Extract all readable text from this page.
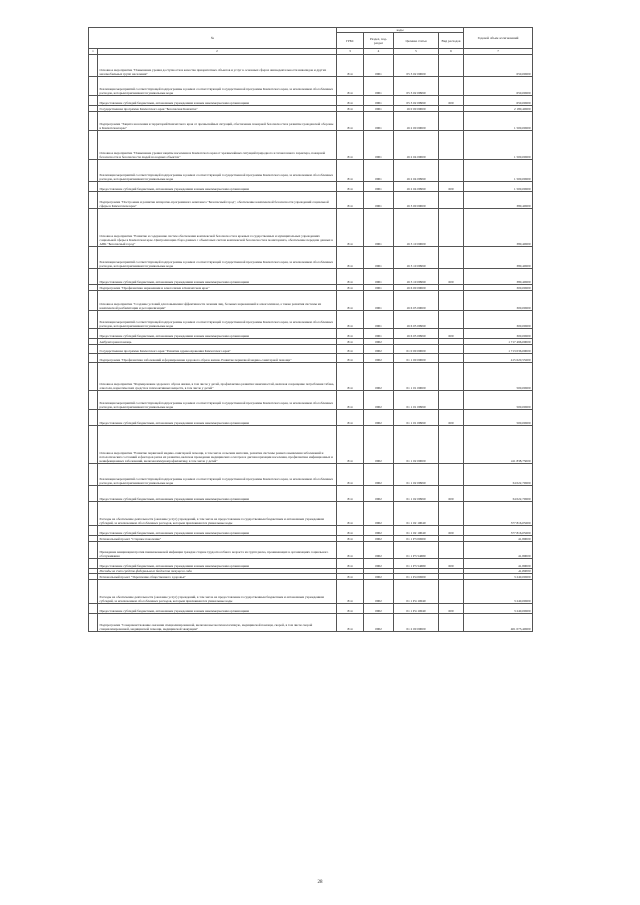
№		коды				Годовой объем ассигнований
		ГРБС	Раздел, под-раздел	Целевая статья	Вид расходов	
1	2	3	4	5	6	7
	Основное мероприятие "Повышение уровня доступности и качества приоритетных объектов и услуг в основных сферах жизнедеятельности инвалидов и других маломобильных групп населения"	814	0901	05 3 02 00000		650,00000
	Реализация мероприятий соответствующей подпрограммы в рамках соответствующей государственной программы Камчатского края, за исключением обособленных расходов, которым присваиваются уникальные коды	814	0901	05 3 02 09990		650,00000
	Предоставление субсидий бюджетным, автономным учреждениям и иным некоммерческим организациям	814	0901	05 3 02 09990	600	650,00000
	Государственная программа Камчатского края "Безопасная Камчатка"	814	0901	16 0 00 00000		2 180,40000
	Подпрограмма "Защита населения и территорий Камчатского края от чрезвычайных ситуаций, обеспечение пожарной безопасности и развитие гражданской обороны в Камчатском крае"	814	0901	16 2 00 00000		1 500,00000
	Основное мероприятие "Повышение уровня защиты населения и Камчатского края от чрезвычайных ситуаций природного и техногенного характера, пожарной безопасности и безопасности людей на водных объектах"	814	0901	16 2 04 00000		1 500,00000
	Реализация мероприятий соответствующей подпрограммы в рамках соответствующей государственной программы Камчатского края, за исключением обособленных расходов, которым присваиваются уникальные коды	814	0901	16 2 04 09990		1 500,00000
	Предоставление субсидий бюджетным, автономным учреждениям и иным некоммерческим организациям	814	0901	16 2 04 09990	600	1 500,00000
	Подпрограмма "Построение и развитие аппаратно-программного комплекса "Безопасный город", обеспечение комплексной безопасности учреждений социальной сферы в Камчатском крае"	814	0901	16 3 00 00000		380,40000
	Основное мероприятие "Развитие и содержание систем обеспечения комплексной безопасности в краевых государственных и муниципальных учреждениях социальной сферы в Камчатском крае. Централизация сбора данных с объектовых систем комплексной безопасности и мониторинга, обеспечение передачи данных в АПК "Безопасный город"	814	0901	16 3 10 00000		380,40000
	Реализация мероприятий соответствующей подпрограммы в рамках соответствующей государственной программы Камчатского края, за исключением обособленных расходов, которым присваиваются уникальные коды	814	0901	16 3 10 09990		380,40000
	Предоставление субсидий бюджетным, автономным учреждениям и иным некоммерческим организациям	814	0901	16 3 10 09990	600	380,40000
	Подпрограмма "Профилактика наркомании и алкоголизма в Камчатском крае"	814	0901	16 6 00 00000		300,00000
	Основное мероприятие "Создание условий для повышения эффективности лечения лиц, больных наркоманией и алкоголизмом, а также развития системы их комплексной реабилитации и ресоциализации"	814	0901	16 6 05 00000		300,00000
	Реализация мероприятий соответствующей подпрограммы в рамках соответствующей государственной программы Камчатского края, за исключением обособленных расходов, которым присваиваются уникальные коды	814	0901	16 6 05 09990		300,00000
	Предоставление субсидий бюджетным, автономным учреждениям и иным некоммерческим организациям	814	0901	16 6 05 09990	600	300,00000
	Амбулаторная помощь	814	0902			1 717 496,00000
	Государственная программа Камчатского края "Развитие здравоохранения Камчатского края"	814	0902	01 0 00 00000		1 713 036,00000
	Подпрограмма "Профилактика заболеваний и формирование здорового образа жизни. Развитие первичной медико-санитарной помощи"	814	0902	01 1 00 00000		415 620,55000
	Основное мероприятие "Формирование здорового образа жизни, в том числе у детей, профилактика развития зависимостей, включая сокращение потребления табака, алкоголя, наркотических средств и психоактивных веществ, в том числе у детей"	814	0902	01 1 01 00000		500,00000
	Реализация мероприятий соответствующей подпрограммы в рамках соответствующей государственной программы Камчатского края, за исключением обособленных расходов, которым присваиваются уникальные коды	814	0902	01 1 01 09990		500,00000
	Предоставление субсидий бюджетным, автономным учреждениям и иным некоммерческим организациям	814	0902	01 1 01 09990	600	500,00000
	Основное мероприятие "Развитие первичной медико-санитарной помощи, в том числе сельским жителям, развитие системы раннего выявления заболеваний и патологических состояний и факторов риска их развития, включая проведение медицинских осмотров и диспансеризации населения, профилактика инфекционных и неинфекционных заболеваний, включая иммунопрофилактику, в том числе у детей"	814	0902	01 1 02 00000		411 838,75000
	Реализация мероприятий соответствующей подпрограммы в рамках соответствующей государственной программы Камчатского края, за исключением обособленных расходов, которым присваиваются уникальные коды	814	0902	01 1 02 09990		34 022,70000
	Предоставление субсидий бюджетным, автономным учреждениям и иным некоммерческим организациям	814	0902	01 1 02 09990	600	34 022,70000
	Расходы на обеспечение деятельности (оказание услуг) учреждений, в том числе на предоставление государственным бюджетным и автономным учреждениям субсидий, за исключением обособленных расходов, которым присваиваются уникальные коды	814	0902	01 1 02 10040		377 816,05000
	Предоставление субсидий бюджетным, автономным учреждениям и иным некоммерческим организациям	814	0902	01 1 02 10040	600	377 816,05000
	Региональный проект "Старшее поколение"	814	0902	01 1 P3 00000		41,80000
	Проведение вакцинации против пневмококковой инфекции граждан старше трудоспособного возраста из групп риска, проживающих в организациях социального обслуживания	814	0902	01 1 P3 54680		41,80000
	Предоставление субсидий бюджетным, автономным учреждениям и иным некоммерческим организациям	814	0902	01 1 P3 54680	600	41,80000
	Расходы за счет средств федерального бюджета текущего года					41,80000
	Региональный проект "Укрепление общественного здоровья"	814	0902	01 1 P4 00000		3 240,00000
	Расходы на обеспечение деятельности (оказание услуг) учреждений, в том числе на предоставление государственным бюджетным и автономным учреждениям субсидий, за исключением обособленных расходов, которым присваиваются уникальные коды	814	0902	01 1 P4 10040		3 240,00000
	Предоставление субсидий бюджетным, автономным учреждениям и иным некоммерческим организациям	814	0902	01 1 P4 10040	600	3 240,00000
	Подпрограмма "Совершенствование оказания специализированной, включая высокотехнологичную, медицинской помощи, скорой, в том числе скорой специализированной, медицинской помощи, медицинской эвакуации"	814	0902	01 2 00 00000		401 073,40000
28
